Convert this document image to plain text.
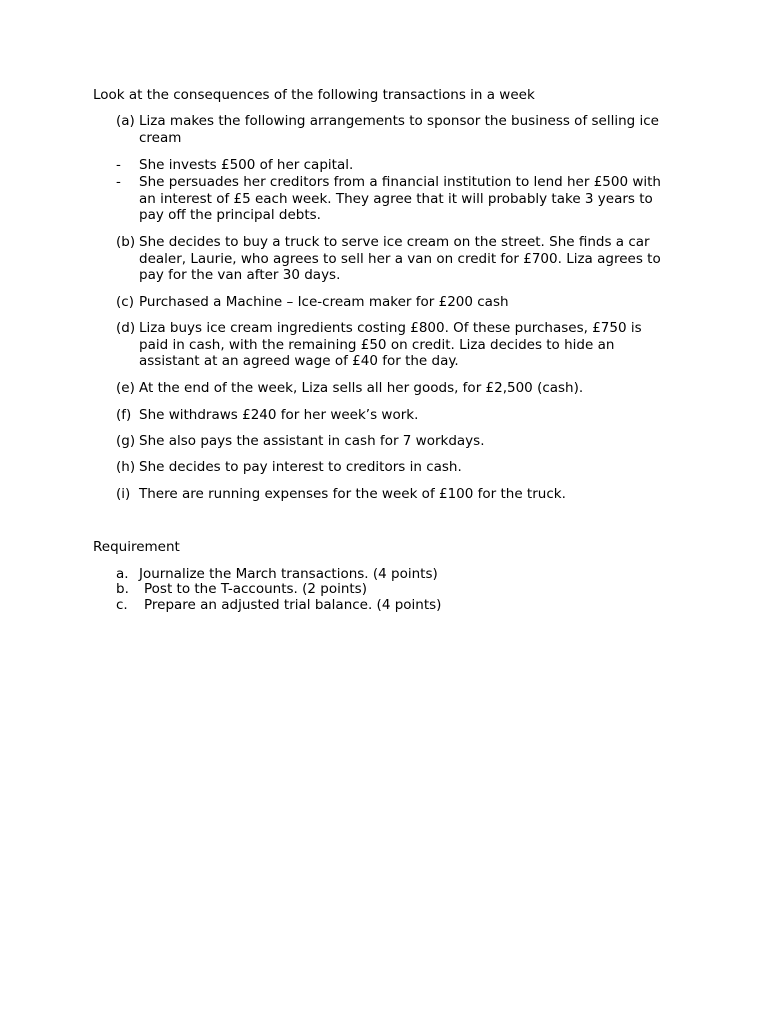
Look at the consequences of the following transactions in a week
(a) Liza makes the following arrangements to sponsor the business of selling ice cream
- She invests £500 of her capital.
- She persuades her creditors from a financial institution to lend her £500 with an interest of £5 each week. They agree that it will probably take 3 years to pay off the principal debts.
(b) She decides to buy a truck to serve ice cream on the street. She finds a car dealer, Laurie, who agrees to sell her a van on credit for £700. Liza agrees to pay for the van after 30 days.
(c) Purchased a Machine – Ice-cream maker for £200 cash
(d) Liza buys ice cream ingredients costing £800. Of these purchases, £750 is paid in cash, with the remaining £50 on credit. Liza decides to hide an assistant at an agreed wage of £40 for the day.
(e) At the end of the week, Liza sells all her goods, for £2,500 (cash).
(f) She withdraws £240 for her week’s work.
(g) She also pays the assistant in cash for 7 workdays.
(h) She decides to pay interest to creditors in cash.
(i) There are running expenses for the week of £100 for the truck.
Requirement
a. Journalize the March transactions. (4 points)
b. Post to the T-accounts. (2 points)
c. Prepare an adjusted trial balance. (4 points)
